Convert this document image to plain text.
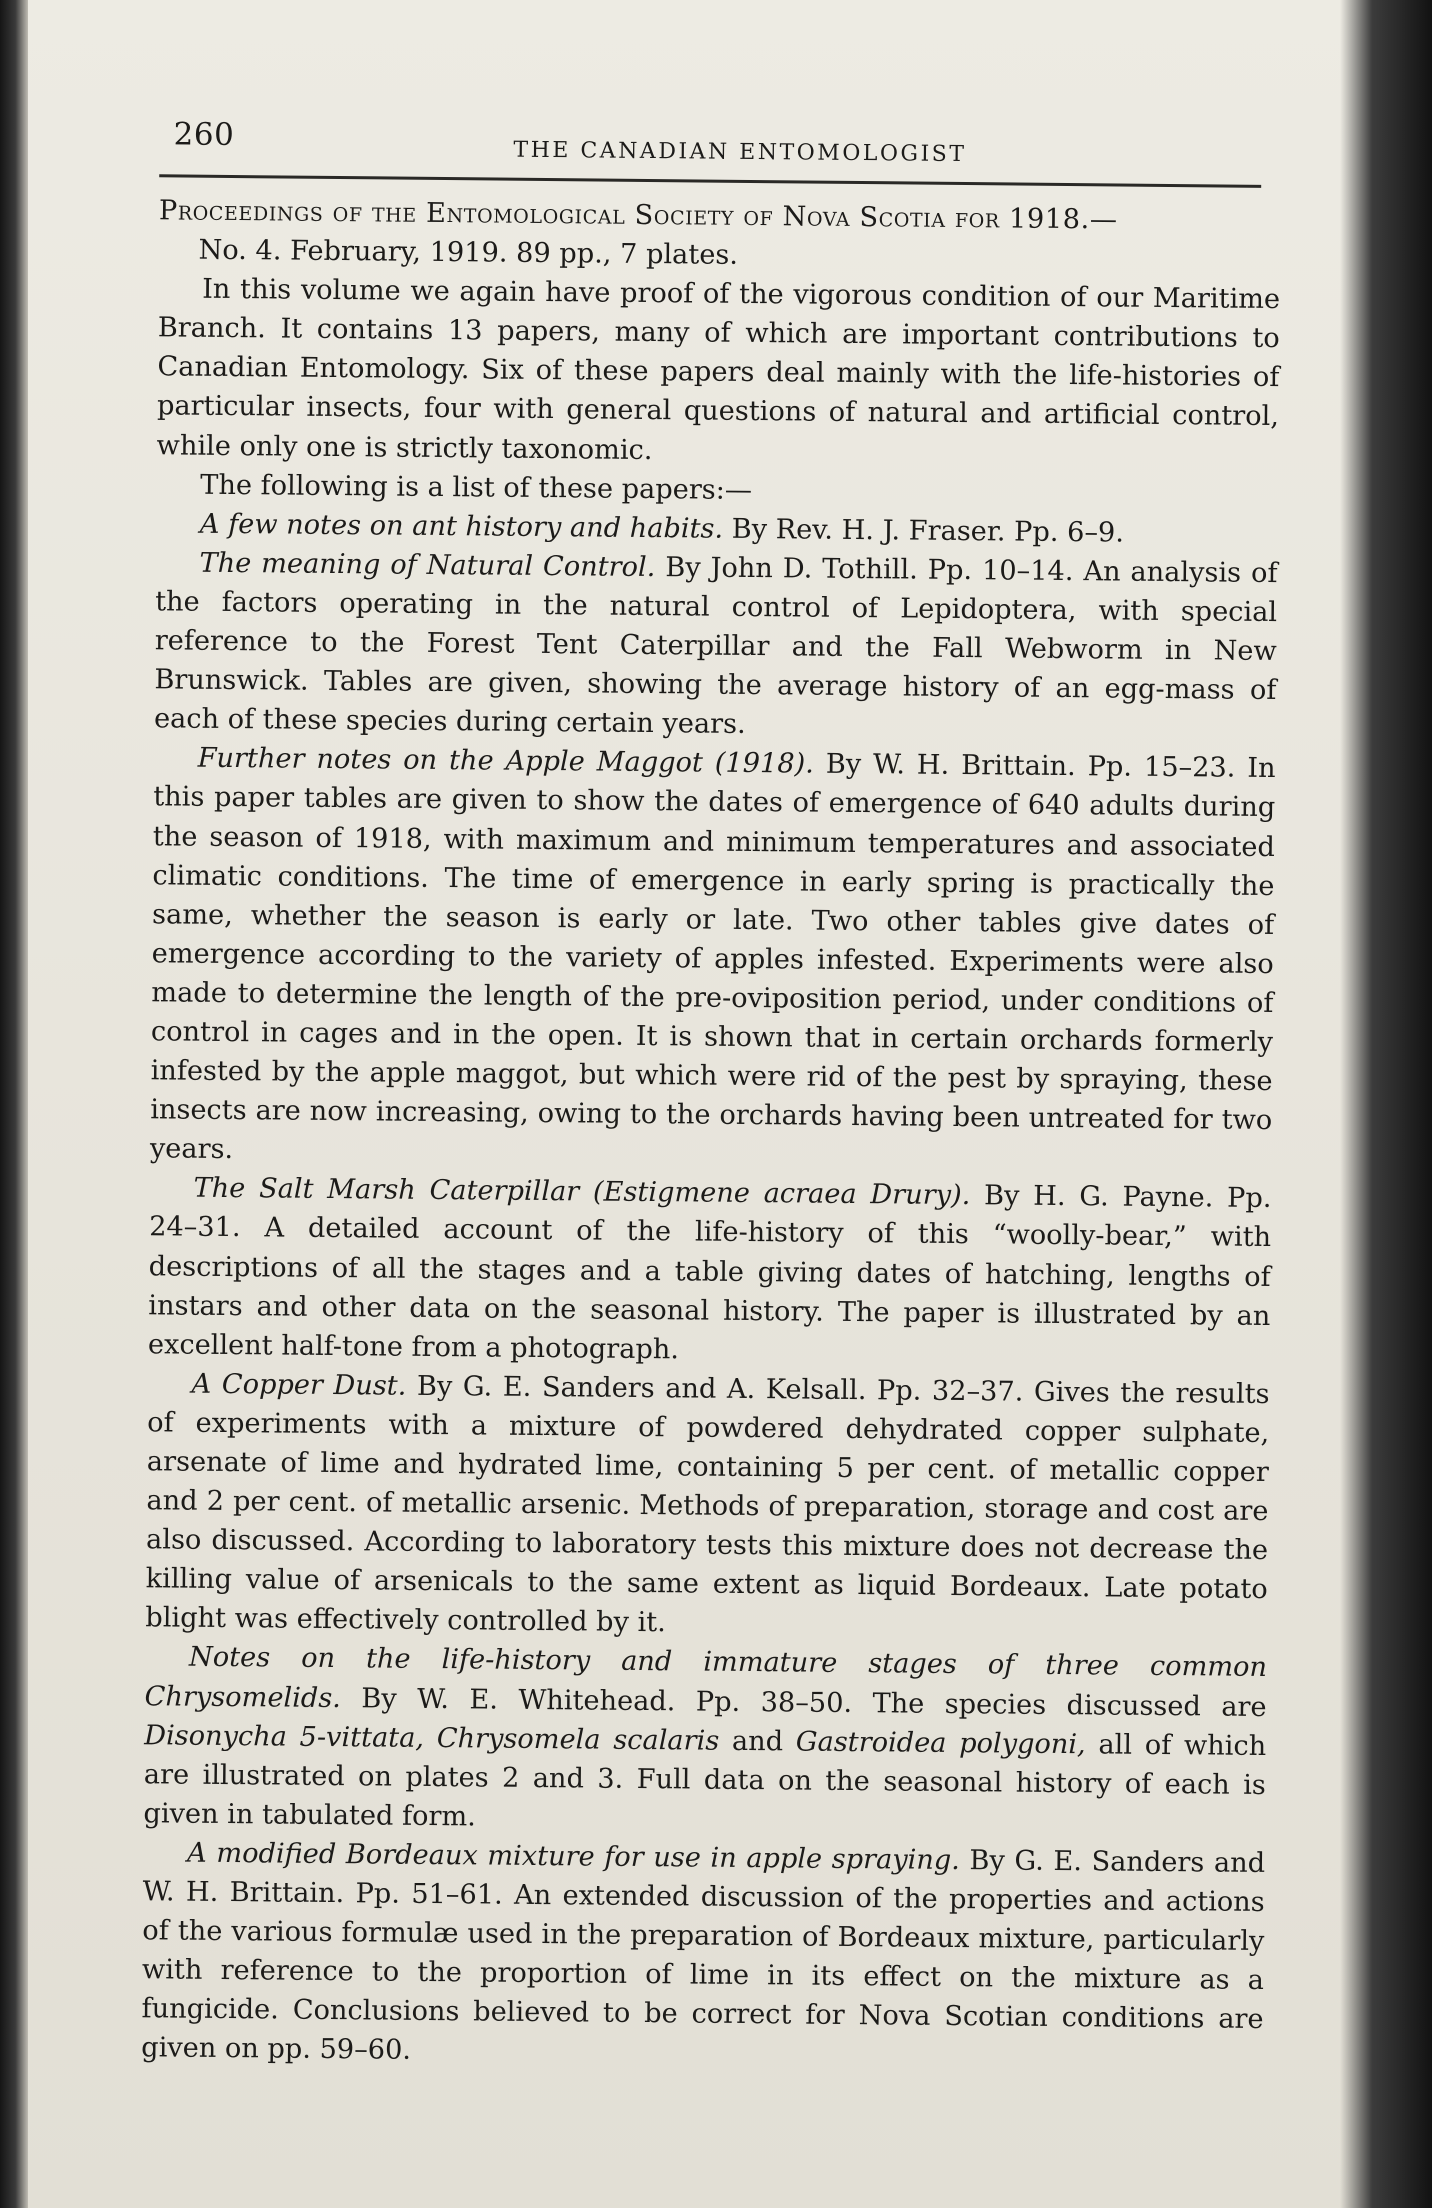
260	THE CANADIAN ENTOMOLOGIST

Proceedings of the Entomological Society of Nova Scotia for 1918.—
No. 4. February, 1919. 89 pp., 7 plates.

In this volume we again have proof of the vigorous condition of our Maritime Branch. It contains 13 papers, many of which are important contributions to Canadian Entomology. Six of these papers deal mainly with the life-histories of particular insects, four with general questions of natural and artificial control, while only one is strictly taxonomic.

The following is a list of these papers:—

A few notes on ant history and habits. By Rev. H. J. Fraser. Pp. 6–9.

The meaning of Natural Control. By John D. Tothill. Pp. 10–14. An analysis of the factors operating in the natural control of Lepidoptera, with special reference to the Forest Tent Caterpillar and the Fall Webworm in New Brunswick. Tables are given, showing the average history of an egg-mass of each of these species during certain years.

Further notes on the Apple Maggot (1918). By W. H. Brittain. Pp. 15–23. In this paper tables are given to show the dates of emergence of 640 adults during the season of 1918, with maximum and minimum temperatures and associated climatic conditions. The time of emergence in early spring is practically the same, whether the season is early or late. Two other tables give dates of emergence according to the variety of apples infested. Experiments were also made to determine the length of the pre-oviposition period, under conditions of control in cages and in the open. It is shown that in certain orchards formerly infested by the apple maggot, but which were rid of the pest by spraying, these insects are now increasing, owing to the orchards having been untreated for two years.

The Salt Marsh Caterpillar (Estigmene acraea Drury). By H. G. Payne. Pp. 24–31. A detailed account of the life-history of this “woolly-bear,” with descriptions of all the stages and a table giving dates of hatching, lengths of instars and other data on the seasonal history. The paper is illustrated by an excellent half-tone from a photograph.

A Copper Dust. By G. E. Sanders and A. Kelsall. Pp. 32–37. Gives the results of experiments with a mixture of powdered dehydrated copper sulphate, arsenate of lime and hydrated lime, containing 5 per cent. of metallic copper and 2 per cent. of metallic arsenic. Methods of preparation, storage and cost are also discussed. According to laboratory tests this mixture does not decrease the killing value of arsenicals to the same extent as liquid Bordeaux. Late potato blight was effectively controlled by it.

Notes on the life-history and immature stages of three common Chrysomelids. By W. E. Whitehead. Pp. 38–50. The species discussed are Disonycha 5-vittata, Chrysomela scalaris and Gastroidea polygoni, all of which are illustrated on plates 2 and 3. Full data on the seasonal history of each is given in tabulated form.

A modified Bordeaux mixture for use in apple spraying. By G. E. Sanders and W. H. Brittain. Pp. 51–61. An extended discussion of the properties and actions of the various formulæ used in the preparation of Bordeaux mixture, particularly with reference to the proportion of lime in its effect on the mixture as a fungicide. Conclusions believed to be correct for Nova Scotian conditions are given on pp. 59–60.
